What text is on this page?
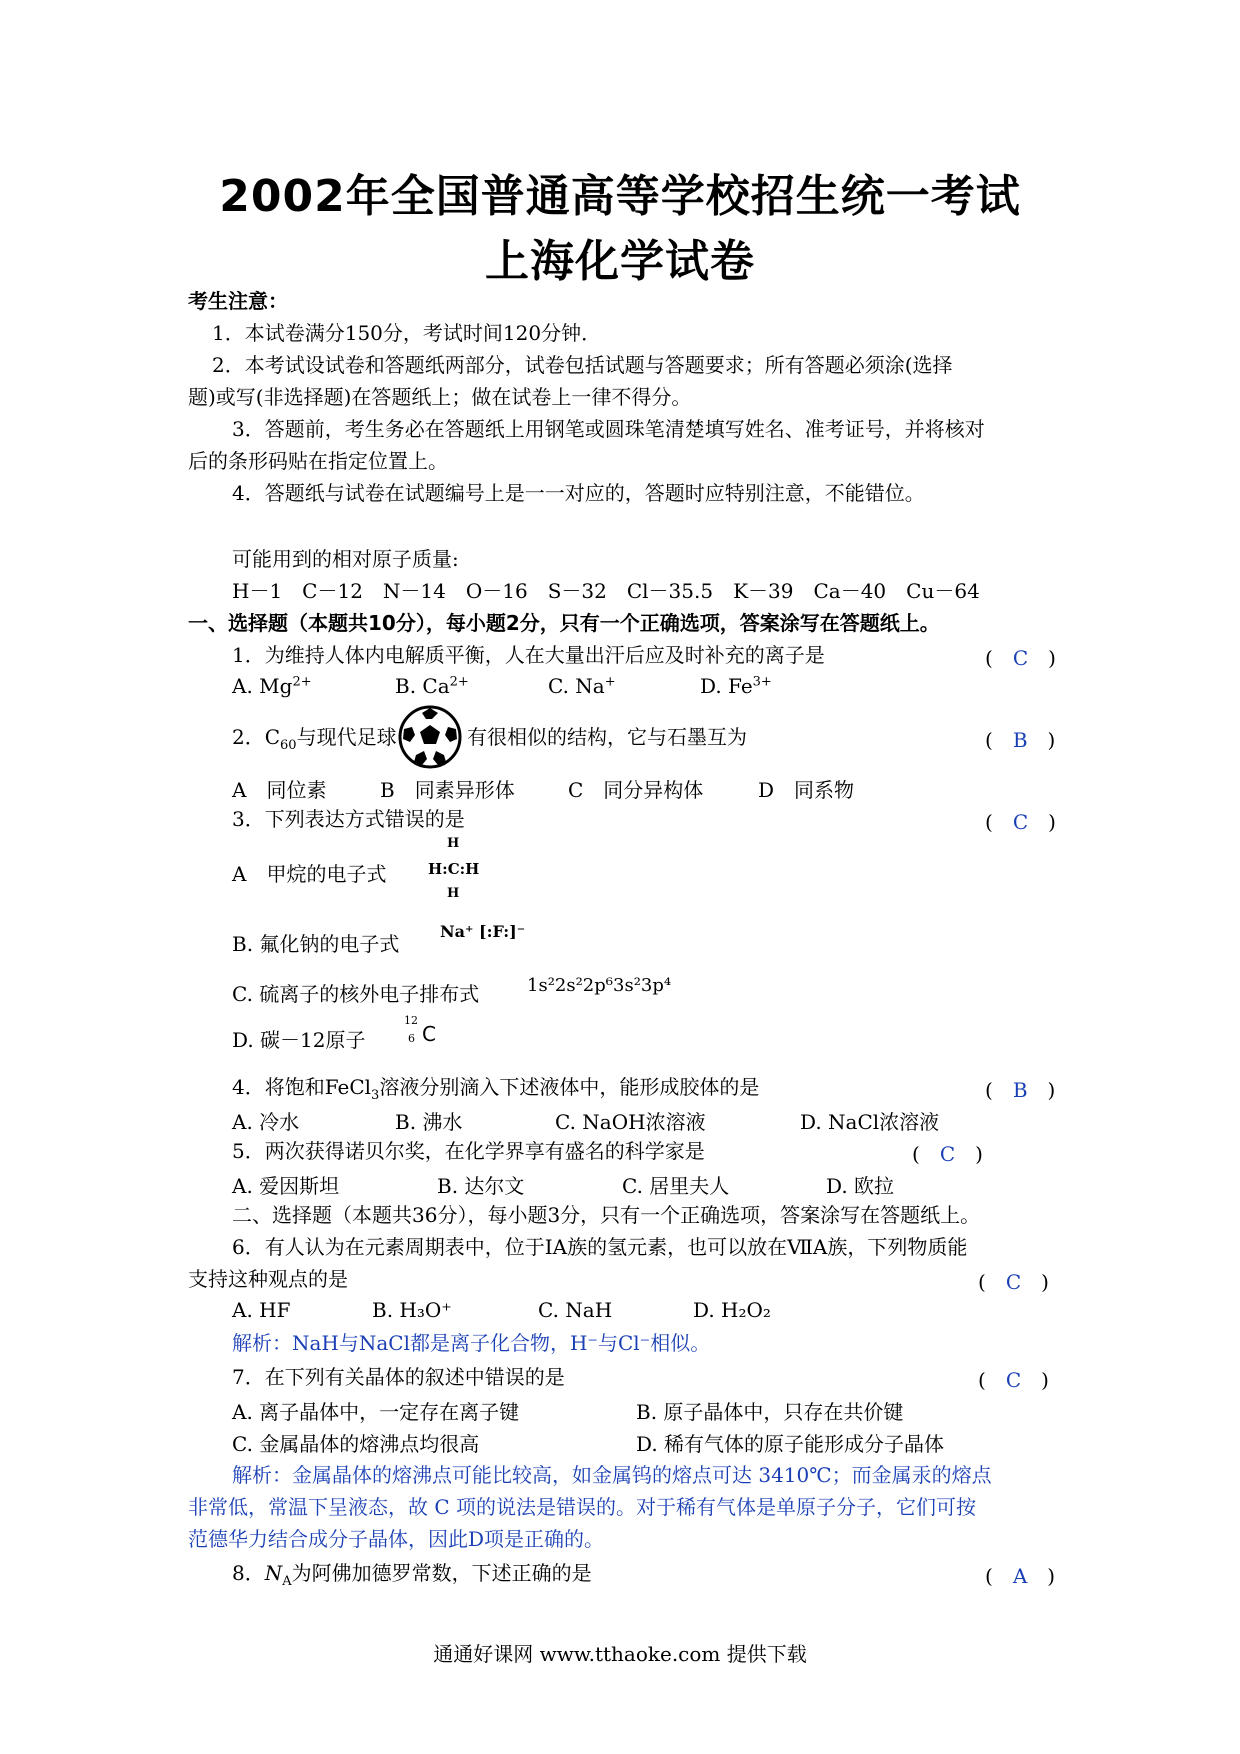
2002年全国普通高等学校招生统一考试
上海化学试卷
考生注意：
1．本试卷满分150分，考试时间120分钟．
2．本考试设试卷和答题纸两部分，试卷包括试题与答题要求；所有答题必须涂(选择
题)或写(非选择题)在答题纸上；做在试卷上一律不得分。
3．答题前，考生务必在答题纸上用钢笔或圆珠笔清楚填写姓名、准考证号，并将核对
后的条形码贴在指定位置上。
4．答题纸与试卷在试题编号上是一一对应的，答题时应特别注意，不能错位。
可能用到的相对原子质量:
H－1　C－12　N－14　O－16　S－32　Cl－35.5　K－39　Ca－40　Cu－64
一、选择题（本题共10分），每小题2分，只有一个正确选项，答案涂写在答题纸上。
1．为维持人体内电解质平衡，人在大量出汗后应及时补充的离子是	(　C　)
A. $Mg^{2+}$	B. $Ca^{2+}$	C. Na+	D. $Fe^{3+}$
2．$C_{60}$与现代足球	有很相似的结构，它与石墨互为	(　B　)
A　同位素	B　同素异形体	C　同分异构体	D　同系物
3．下列表达方式错误的是	(　C　)
A　甲烷的电子式
H
H:C:H
H
B. 氟化钠的电子式
Na⁺ [:F:]⁻
C. 硫离子的核外电子排布式	1s²2s²2p⁶3s²3p⁴
D. 碳－12原子
12
6 C
4．将饱和FeCl$_3$溶液分别滴入下述液体中，能形成胶体的是	(　B　)
A. 冷水	B. 沸水	C. NaOH浓溶液	D. NaCl浓溶液
5．两次获得诺贝尔奖，在化学界享有盛名的科学家是	(　C　)
A. 爱因斯坦	B. 达尔文	C. 居里夫人	D. 欧拉
二、选择题（本题共36分），每小题3分，只有一个正确选项，答案涂写在答题纸上。
6．有人认为在元素周期表中，位于ⅠA族的氢元素，也可以放在ⅦA族，下列物质能
支持这种观点的是	(　C　)
A. HF	B. H₃O⁺	C. NaH	D. H₂O₂
解析：NaH与NaCl都是离子化合物，H⁻与Cl⁻相似。
7．在下列有关晶体的叙述中错误的是	(　C　)
A. 离子晶体中，一定存在离子键	B. 原子晶体中，只存在共价键
C. 金属晶体的熔沸点均很高	D. 稀有气体的原子能形成分子晶体
解析：金属晶体的熔沸点可能比较高，如金属钨的熔点可达 3410℃；而金属汞的熔点
非常低，常温下呈液态，故 C 项的说法是错误的。对于稀有气体是单原子分子，它们可按
范德华力结合成分子晶体，因此D项是正确的。
8．$N_A$为阿佛加德罗常数，下述正确的是	(　A　)
通通好课网 www.tthaoke.com 提供下载
